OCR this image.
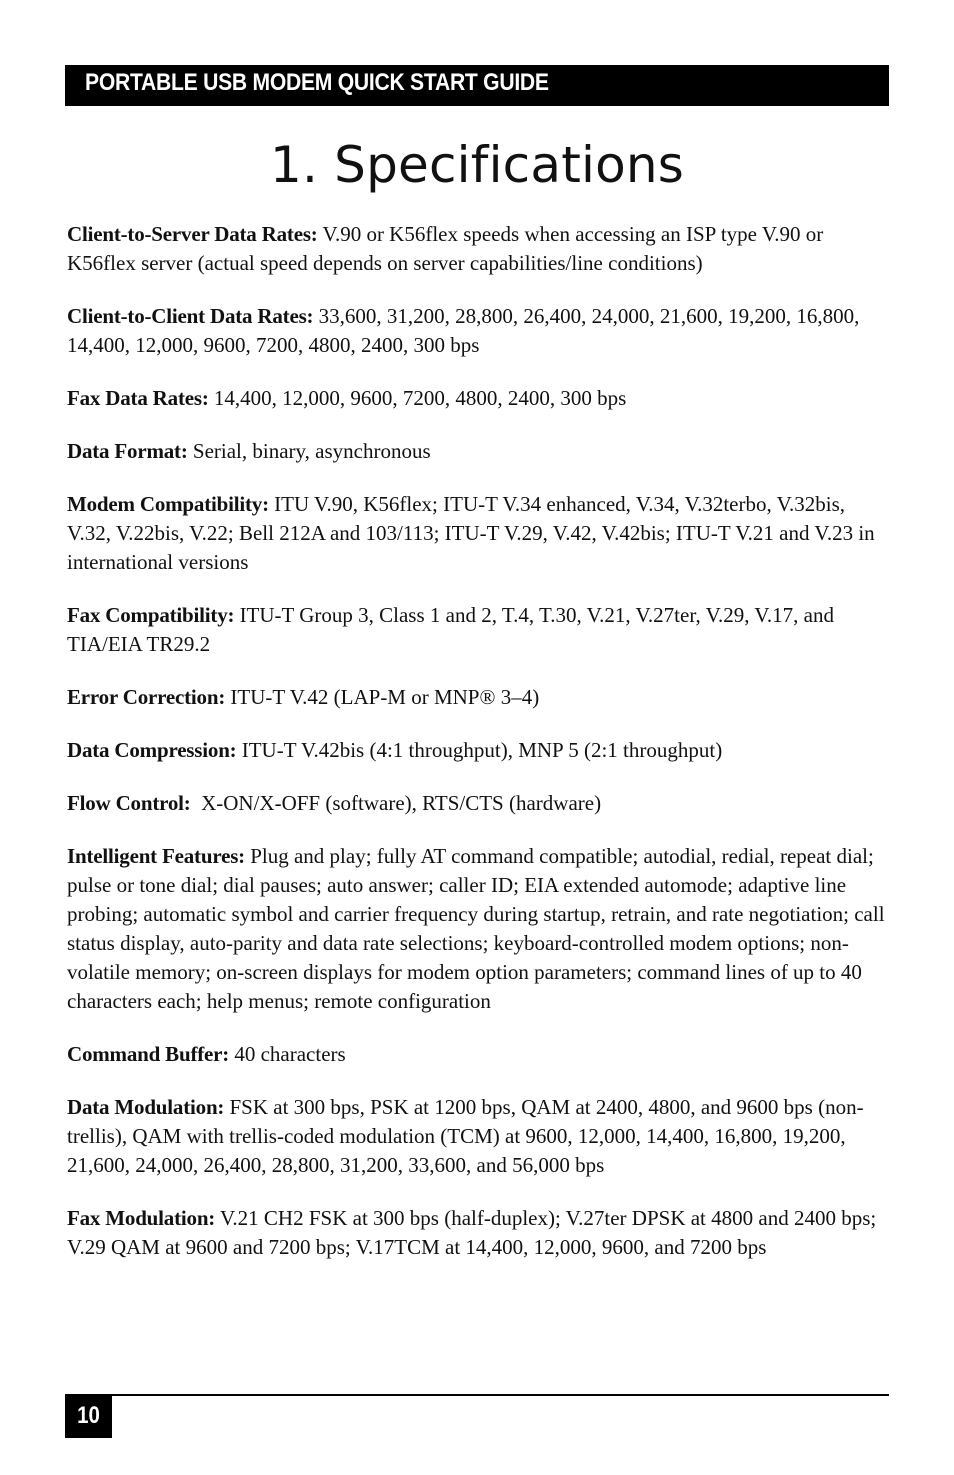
PORTABLE USB MODEM QUICK START GUIDE
1. Specifications

Client-to-Server Data Rates: V.90 or K56flex speeds when accessing an ISP type V.90 or K56flex server (actual speed depends on server capabilities/line conditions)

Client-to-Client Data Rates: 33,600, 31,200, 28,800, 26,400, 24,000, 21,600, 19,200, 16,800, 14,400, 12,000, 9600, 7200, 4800, 2400, 300 bps

Fax Data Rates: 14,400, 12,000, 9600, 7200, 4800, 2400, 300 bps

Data Format: Serial, binary, asynchronous

Modem Compatibility: ITU V.90, K56flex; ITU-T V.34 enhanced, V.34, V.32terbo, V.32bis, V.32, V.22bis, V.22; Bell 212A and 103/113; ITU-T V.29, V.42, V.42bis; ITU-T V.21 and V.23 in international versions

Fax Compatibility: ITU-T Group 3, Class 1 and 2, T.4, T.30, V.21, V.27ter, V.29, V.17, and TIA/EIA TR29.2

Error Correction: ITU-T V.42 (LAP-M or MNP® 3–4)

Data Compression: ITU-T V.42bis (4:1 throughput), MNP 5 (2:1 throughput)

Flow Control:  X-ON/X-OFF (software), RTS/CTS (hardware)

Intelligent Features: Plug and play; fully AT command compatible; autodial, redial, repeat dial; pulse or tone dial; dial pauses; auto answer; caller ID; EIA extended automode; adaptive line probing; automatic symbol and carrier frequency during startup, retrain, and rate negotiation; call status display, auto-parity and data rate selections; keyboard-controlled modem options; non-volatile memory; on-screen displays for modem option parameters; command lines of up to 40 characters each; help menus; remote configuration

Command Buffer: 40 characters

Data Modulation: FSK at 300 bps, PSK at 1200 bps, QAM at 2400, 4800, and 9600 bps (non-trellis), QAM with trellis-coded modulation (TCM) at 9600, 12,000, 14,400, 16,800, 19,200, 21,600, 24,000, 26,400, 28,800, 31,200, 33,600, and 56,000 bps

Fax Modulation: V.21 CH2 FSK at 300 bps (half-duplex); V.27ter DPSK at 4800 and 2400 bps; V.29 QAM at 9600 and 7200 bps; V.17TCM at 14,400, 12,000, 9600, and 7200 bps

10
